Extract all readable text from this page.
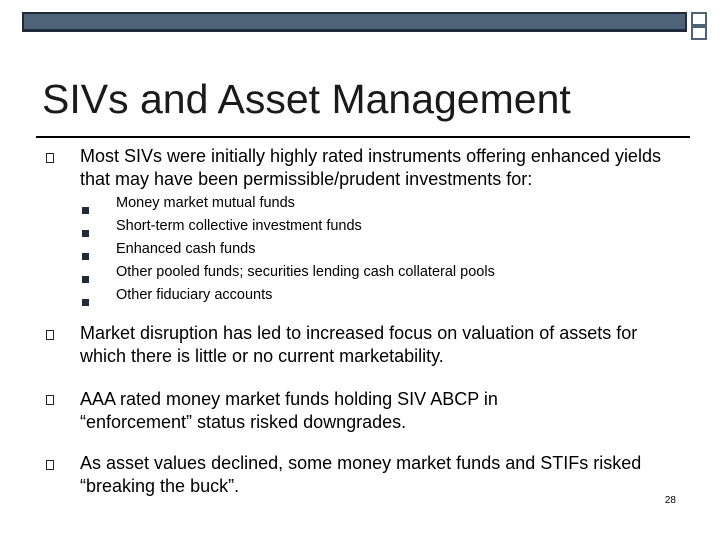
SIVs and Asset Management
Most SIVs were initially highly rated instruments offering enhanced yields that may have been permissible/prudent investments for:
Money market mutual funds
Short-term collective investment funds
Enhanced cash funds
Other pooled funds; securities lending cash collateral pools
Other fiduciary accounts
Market disruption has led to increased focus on valuation of assets for which there is little or no current marketability.
AAA rated money market funds holding SIV ABCP in “enforcement” status risked downgrades.
As asset values declined, some money market funds and STIFs risked “breaking the buck”.
28
